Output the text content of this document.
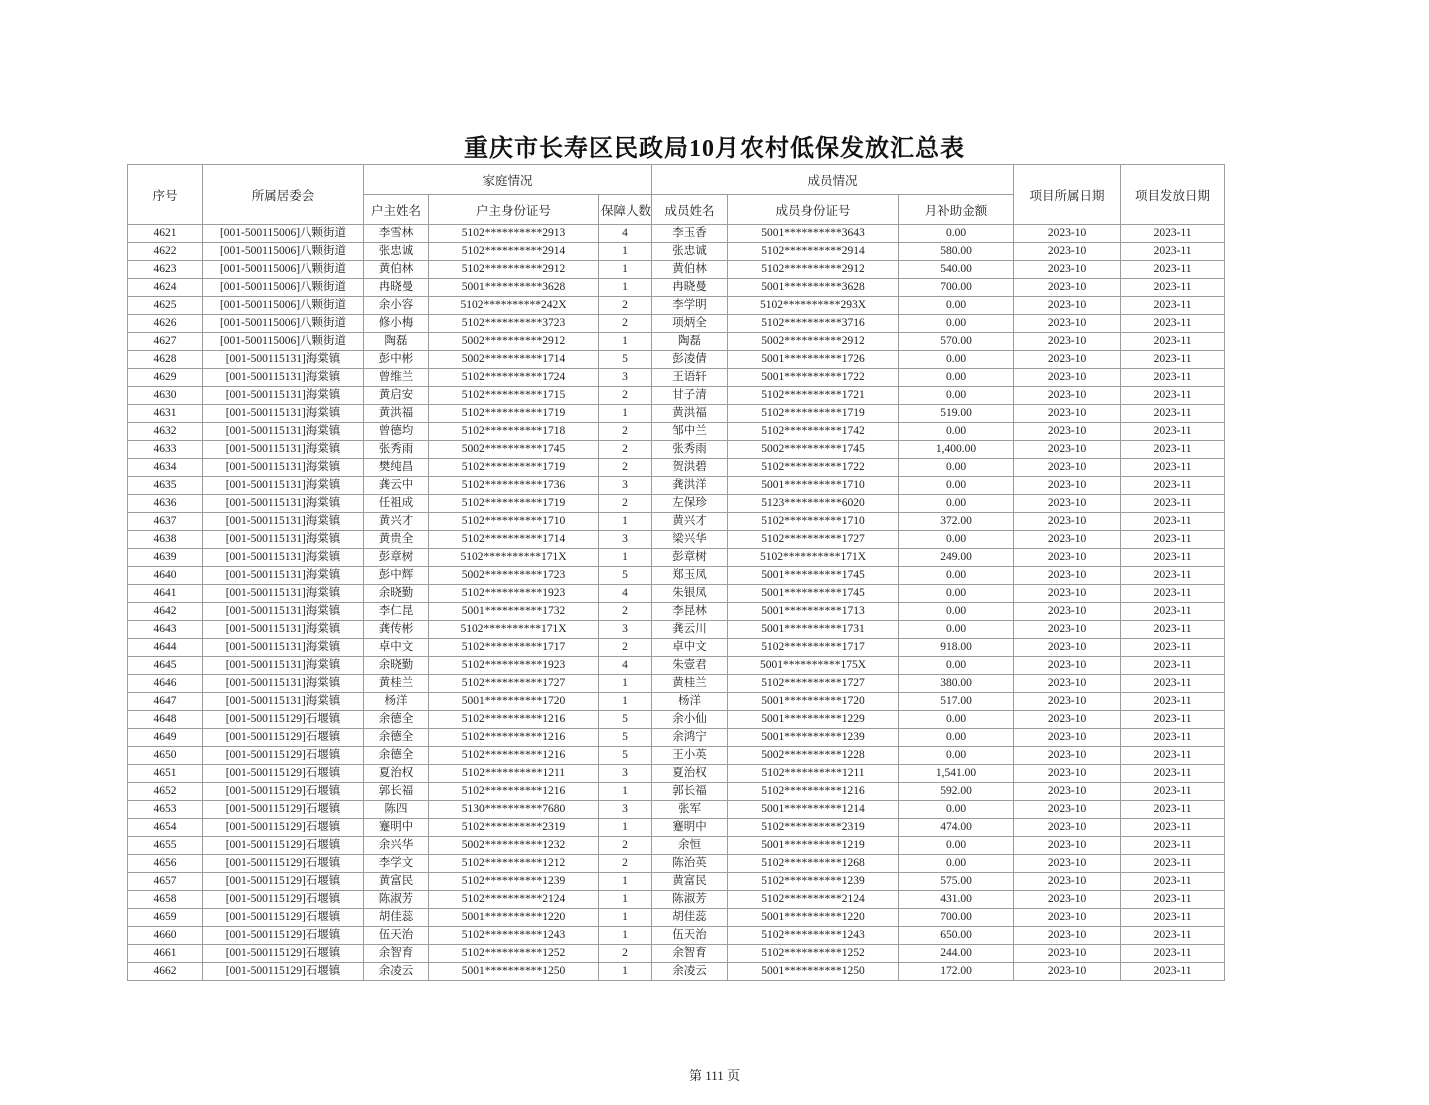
重庆市长寿区民政局10月农村低保发放汇总表
序号	所属居委会	家庭情况			成员情况			项目所属日期	项目发放日期
		户主姓名	户主身份证号	保障人数	成员姓名	成员身份证号	月补助金额		
4621	[001-500115006]八颗街道	李雪林	5102**********2913	4	李玉香	5001**********3643	0.00	2023-10	2023-11
4622	[001-500115006]八颗街道	张忠诚	5102**********2914	1	张忠诚	5102**********2914	580.00	2023-10	2023-11
4623	[001-500115006]八颗街道	黄伯林	5102**********2912	1	黄伯林	5102**********2912	540.00	2023-10	2023-11
4624	[001-500115006]八颗街道	冉晓曼	5001**********3628	1	冉晓曼	5001**********3628	700.00	2023-10	2023-11
4625	[001-500115006]八颗街道	余小容	5102**********242X	2	李学明	5102**********293X	0.00	2023-10	2023-11
4626	[001-500115006]八颗街道	修小梅	5102**********3723	2	项炳全	5102**********3716	0.00	2023-10	2023-11
4627	[001-500115006]八颗街道	陶磊	5002**********2912	1	陶磊	5002**********2912	570.00	2023-10	2023-11
4628	[001-500115131]海棠镇	彭中彬	5002**********1714	5	彭凌倩	5001**********1726	0.00	2023-10	2023-11
4629	[001-500115131]海棠镇	曾维兰	5102**********1724	3	王语轩	5001**********1722	0.00	2023-10	2023-11
4630	[001-500115131]海棠镇	黄启安	5102**********1715	2	甘子清	5102**********1721	0.00	2023-10	2023-11
4631	[001-500115131]海棠镇	黄洪福	5102**********1719	1	黄洪福	5102**********1719	519.00	2023-10	2023-11
4632	[001-500115131]海棠镇	曾德均	5102**********1718	2	邹中兰	5102**********1742	0.00	2023-10	2023-11
4633	[001-500115131]海棠镇	张秀雨	5002**********1745	2	张秀雨	5002**********1745	1,400.00	2023-10	2023-11
4634	[001-500115131]海棠镇	樊纯昌	5102**********1719	2	贺洪碧	5102**********1722	0.00	2023-10	2023-11
4635	[001-500115131]海棠镇	龚云中	5102**********1736	3	龚洪洋	5001**********1710	0.00	2023-10	2023-11
4636	[001-500115131]海棠镇	任祖成	5102**********1719	2	左保珍	5123**********6020	0.00	2023-10	2023-11
4637	[001-500115131]海棠镇	黄兴才	5102**********1710	1	黄兴才	5102**********1710	372.00	2023-10	2023-11
4638	[001-500115131]海棠镇	黄贵全	5102**********1714	3	梁兴华	5102**********1727	0.00	2023-10	2023-11
4639	[001-500115131]海棠镇	彭章树	5102**********171X	1	彭章树	5102**********171X	249.00	2023-10	2023-11
4640	[001-500115131]海棠镇	彭中辉	5002**********1723	5	郑玉凤	5001**********1745	0.00	2023-10	2023-11
4641	[001-500115131]海棠镇	余晓勤	5102**********1923	4	朱银凤	5001**********1745	0.00	2023-10	2023-11
4642	[001-500115131]海棠镇	李仁昆	5001**********1732	2	李昆林	5001**********1713	0.00	2023-10	2023-11
4643	[001-500115131]海棠镇	龚传彬	5102**********171X	3	龚云川	5001**********1731	0.00	2023-10	2023-11
4644	[001-500115131]海棠镇	卓中文	5102**********1717	2	卓中文	5102**********1717	918.00	2023-10	2023-11
4645	[001-500115131]海棠镇	余晓勤	5102**********1923	4	朱壹君	5001**********175X	0.00	2023-10	2023-11
4646	[001-500115131]海棠镇	黄桂兰	5102**********1727	1	黄桂兰	5102**********1727	380.00	2023-10	2023-11
4647	[001-500115131]海棠镇	杨洋	5001**********1720	1	杨洋	5001**********1720	517.00	2023-10	2023-11
4648	[001-500115129]石堰镇	余德全	5102**********1216	5	余小仙	5001**********1229	0.00	2023-10	2023-11
4649	[001-500115129]石堰镇	余德全	5102**********1216	5	余鸿宁	5001**********1239	0.00	2023-10	2023-11
4650	[001-500115129]石堰镇	余德全	5102**********1216	5	王小英	5002**********1228	0.00	2023-10	2023-11
4651	[001-500115129]石堰镇	夏治权	5102**********1211	3	夏治权	5102**********1211	1,541.00	2023-10	2023-11
4652	[001-500115129]石堰镇	郭长福	5102**********1216	1	郭长福	5102**********1216	592.00	2023-10	2023-11
4653	[001-500115129]石堰镇	陈四	5130**********7680	3	张军	5001**********1214	0.00	2023-10	2023-11
4654	[001-500115129]石堰镇	蹇明中	5102**********2319	1	蹇明中	5102**********2319	474.00	2023-10	2023-11
4655	[001-500115129]石堰镇	余兴华	5002**********1232	2	余恒	5001**********1219	0.00	2023-10	2023-11
4656	[001-500115129]石堰镇	李学文	5102**********1212	2	陈治英	5102**********1268	0.00	2023-10	2023-11
4657	[001-500115129]石堰镇	黄富民	5102**********1239	1	黄富民	5102**********1239	575.00	2023-10	2023-11
4658	[001-500115129]石堰镇	陈淑芳	5102**********2124	1	陈淑芳	5102**********2124	431.00	2023-10	2023-11
4659	[001-500115129]石堰镇	胡佳蕊	5001**********1220	1	胡佳蕊	5001**********1220	700.00	2023-10	2023-11
4660	[001-500115129]石堰镇	伍天治	5102**********1243	1	伍天治	5102**********1243	650.00	2023-10	2023-11
4661	[001-500115129]石堰镇	余智育	5102**********1252	2	余智育	5102**********1252	244.00	2023-10	2023-11
4662	[001-500115129]石堰镇	余凌云	5001**********1250	1	余凌云	5001**********1250	172.00	2023-10	2023-11
第 111 页
